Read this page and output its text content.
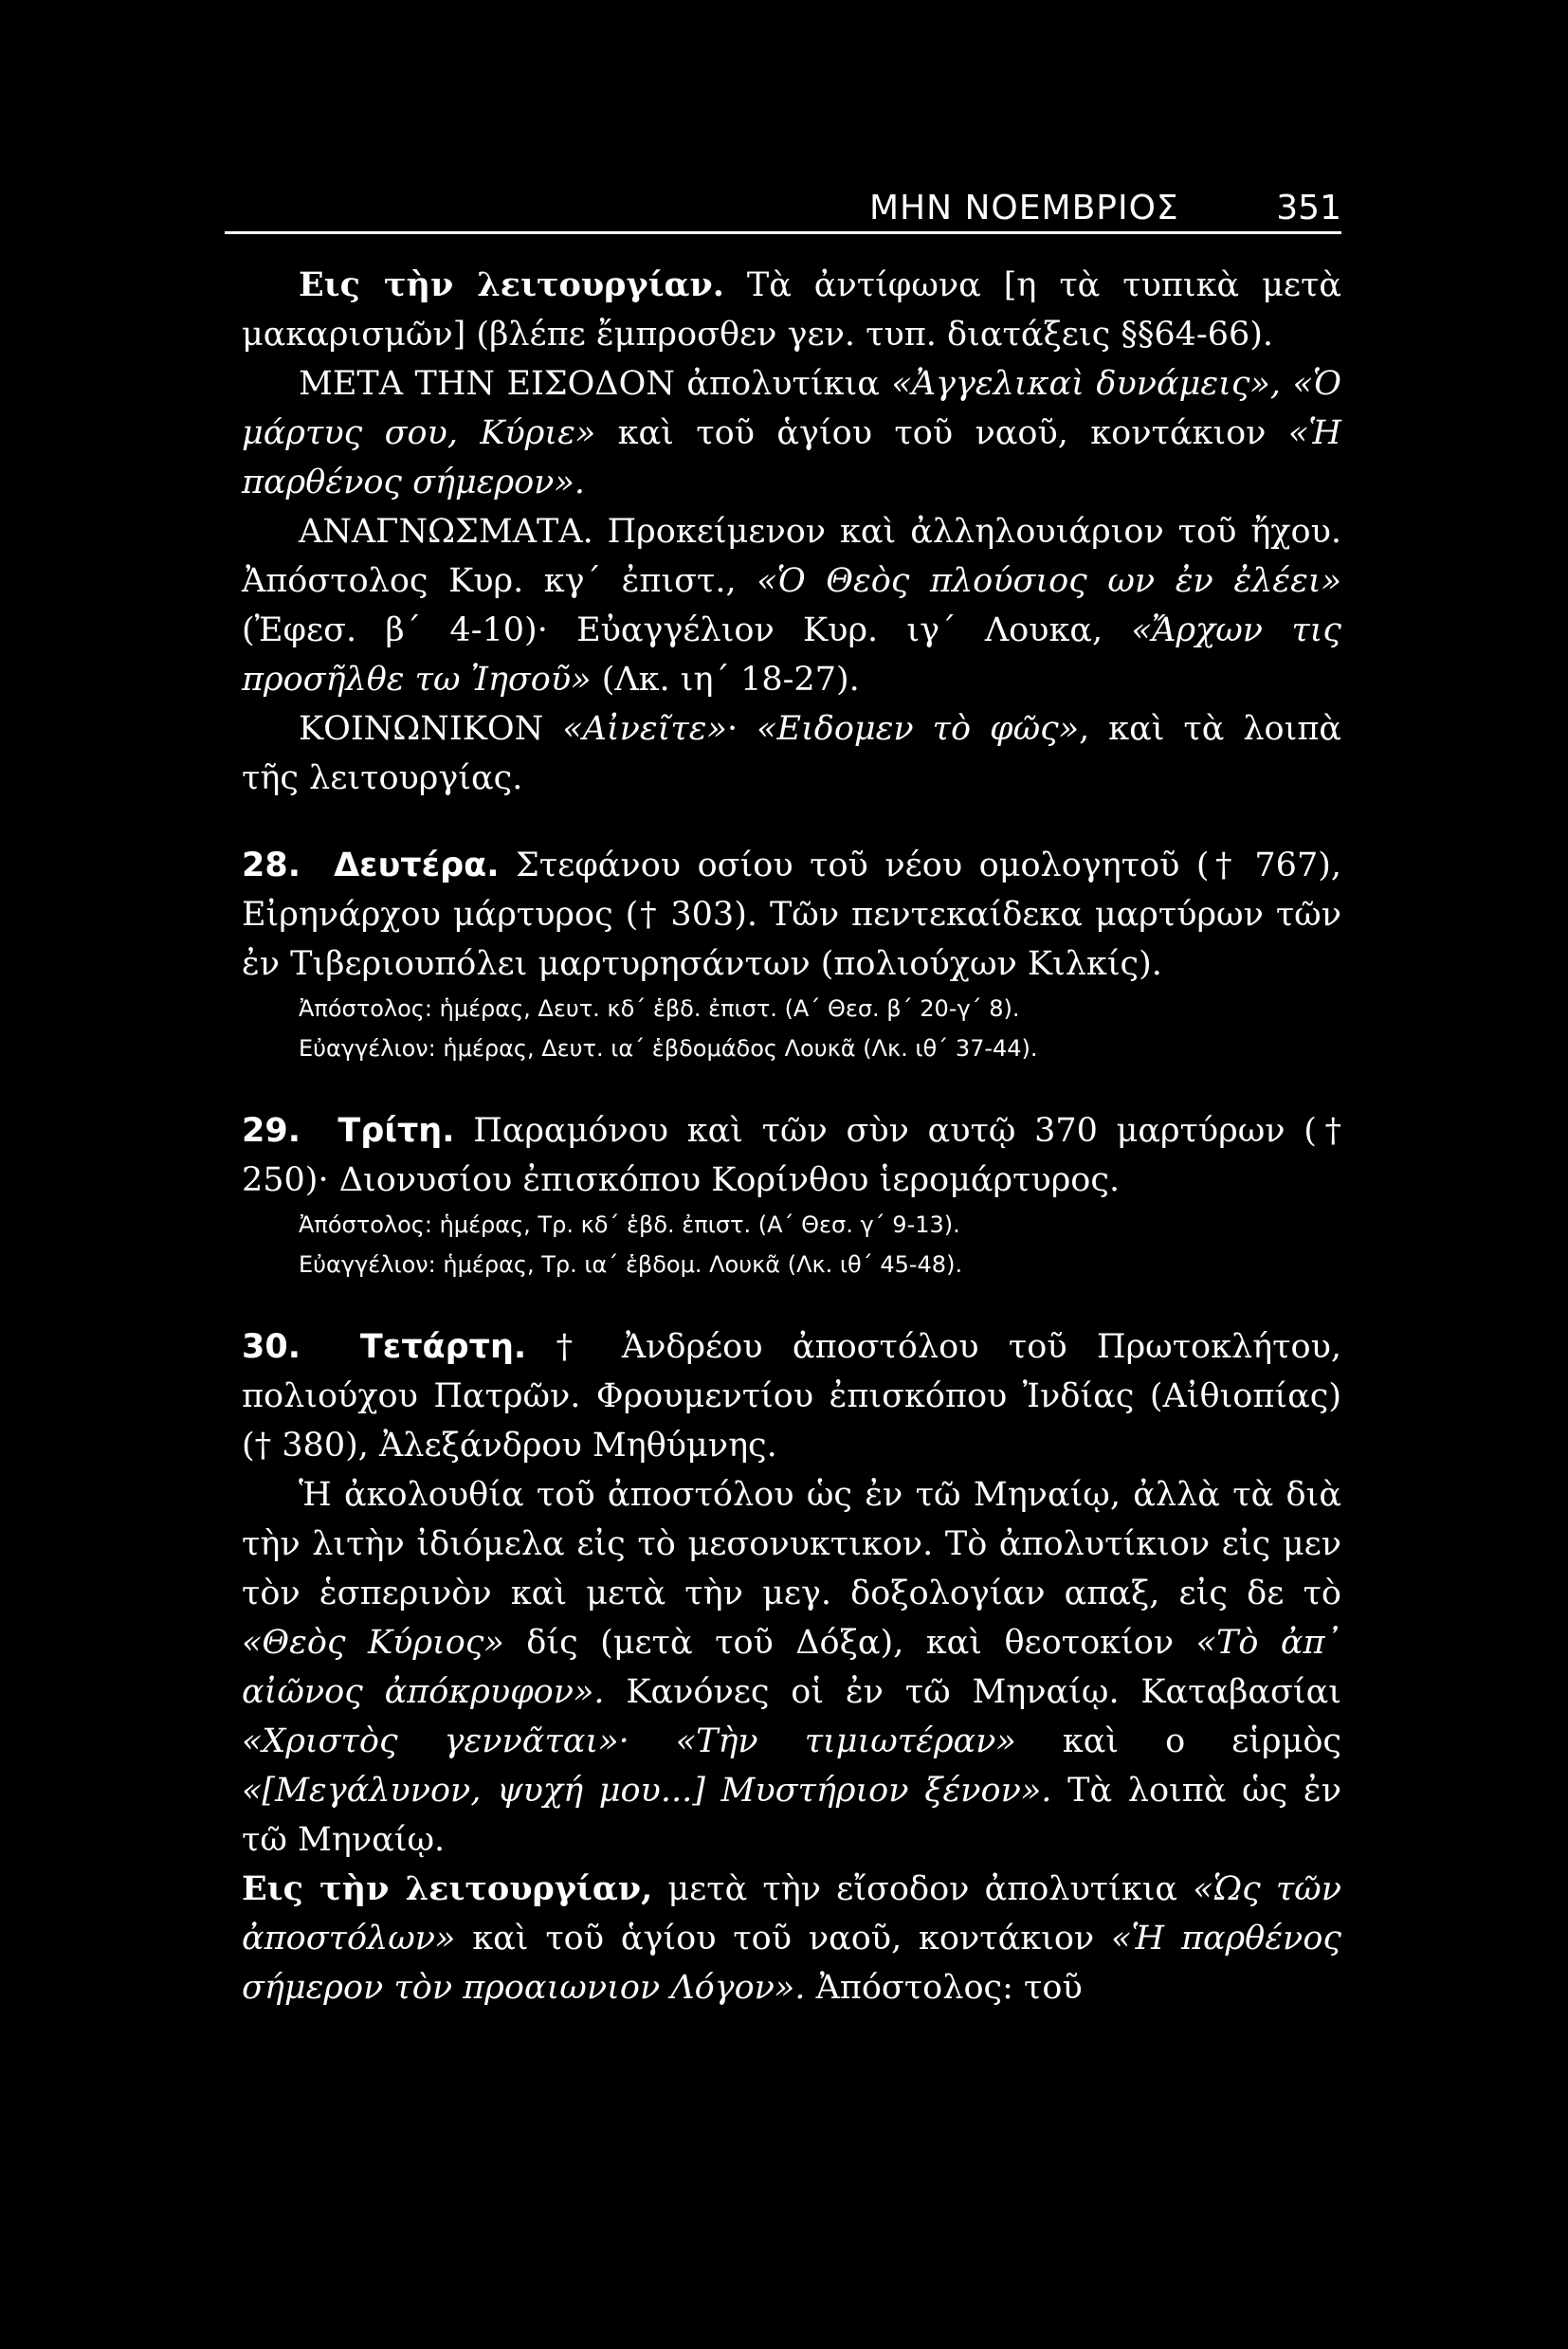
ΜΗΝ ΝΟΕΜΒΡΙΟΣ	351

Εις τὴν λειτουργίαν. Τὰ ἀντίφωνα [η τὰ τυπικὰ μετὰ μακαρισμῶν] (βλέπε ἔμπροσθεν γεν. τυπ. διατάξεις §§64-66).

ΜΕΤΑ ΤΗΝ ΕΙΣΟΔΟΝ ἀπολυτίκια «Ἀγγελικαὶ δυνάμεις», «Ὁ μάρτυς σου, Κύριε» καὶ τοῦ ἁγίου τοῦ ναοῦ, κοντάκιον «Ἡ παρθένος σήμερον».

ΑΝΑΓΝΩΣΜΑΤΑ. Προκείμενον καὶ ἀλληλουιάριον τοῦ ἤχου. Ἀπόστολος Κυρ. κγ΄ ἐπιστ., «Ὁ Θεὸς πλούσιος ων ἐν ἐλέει» (Ἐφεσ. β΄ 4-10)· Εὐαγγέλιον Κυρ. ιγ΄ Λουκα, «Ἄρχων τις προσῆλθε τω Ἰησοῦ» (Λκ. ιη΄ 18-27).

ΚΟΙΝΩΝΙΚΟΝ «Αἰνεῖτε»· «Ειδομεν τὸ φῶς», καὶ τὰ λοιπὰ τῆς λειτουργίας.

28. Δευτέρα. Στεφάνου οσίου τοῦ νέου ομολογητοῦ († 767), Εἰρηνάρχου μάρτυρος († 303). Τῶν πεντεκαίδεκα μαρτύρων τῶν ἐν Τιβεριουπόλει μαρτυρησάντων (πολιούχων Κιλκίς).

Ἀπόστολος: ἡμέρας, Δευτ. κδ΄ ἑβδ. ἐπιστ. (Α΄ Θεσ. β΄ 20-γ΄ 8).

Εὐαγγέλιον: ἡμέρας, Δευτ. ια΄ ἑβδομάδος Λουκᾶ (Λκ. ιθ΄ 37-44).

29. Τρίτη. Παραμόνου καὶ τῶν σὺν αυτῷ 370 μαρτύρων († 250)· Διονυσίου ἐπισκόπου Κορίνθου ἱερομάρτυρος.

Ἀπόστολος: ἡμέρας, Τρ. κδ΄ ἑβδ. ἐπιστ. (Α΄ Θεσ. γ΄ 9-13).

Εὐαγγέλιον: ἡμέρας, Τρ. ια΄ ἑβδομ. Λουκᾶ (Λκ. ιθ΄ 45-48).

30. Τετάρτη. † Ἀνδρέου ἀποστόλου τοῦ Πρωτοκλήτου, πολιούχου Πατρῶν. Φρουμεντίου ἐπισκόπου Ἰνδίας (Αἰθιοπίας) († 380), Ἀλεξάνδρου Μηθύμνης.

Ἡ ἀκολουθία τοῦ ἀποστόλου ὡς ἐν τῶ Μηναίῳ, ἀλλὰ τὰ διὰ τὴν λιτὴν ἰδιόμελα εἰς τὸ μεσονυκτικον. Τὸ ἀπολυτίκιον εἰς μεν τὸν ἑσπερινὸν καὶ μετὰ τὴν μεγ. δοξολογίαν απαξ, εἰς δε τὸ «Θεὸς Κύριος» δίς (μετὰ τοῦ Δόξα), καὶ θεοτοκίον «Τὸ ἀπ᾽ αἰῶνος ἀπόκρυφον». Κανόνες οἱ ἐν τῶ Μηναίῳ. Καταβασίαι «Χριστὸς γεννᾶται»· «Τὴν τιμιωτέραν» καὶ ο εἱρμὸς «[Μεγάλυνον, ψυχή μου...] Μυστήριον ξένον». Τὰ λοιπὰ ὡς ἐν τῶ Μηναίῳ.

Εις τὴν λειτουργίαν, μετὰ τὴν εἴσοδον ἀπολυτίκια «Ὡς τῶν ἀποστόλων» καὶ τοῦ ἁγίου τοῦ ναοῦ, κοντάκιον «Ἡ παρθένος σήμερον τὸν προαιωνιον Λόγον». Ἀπόστολος: τοῦ
